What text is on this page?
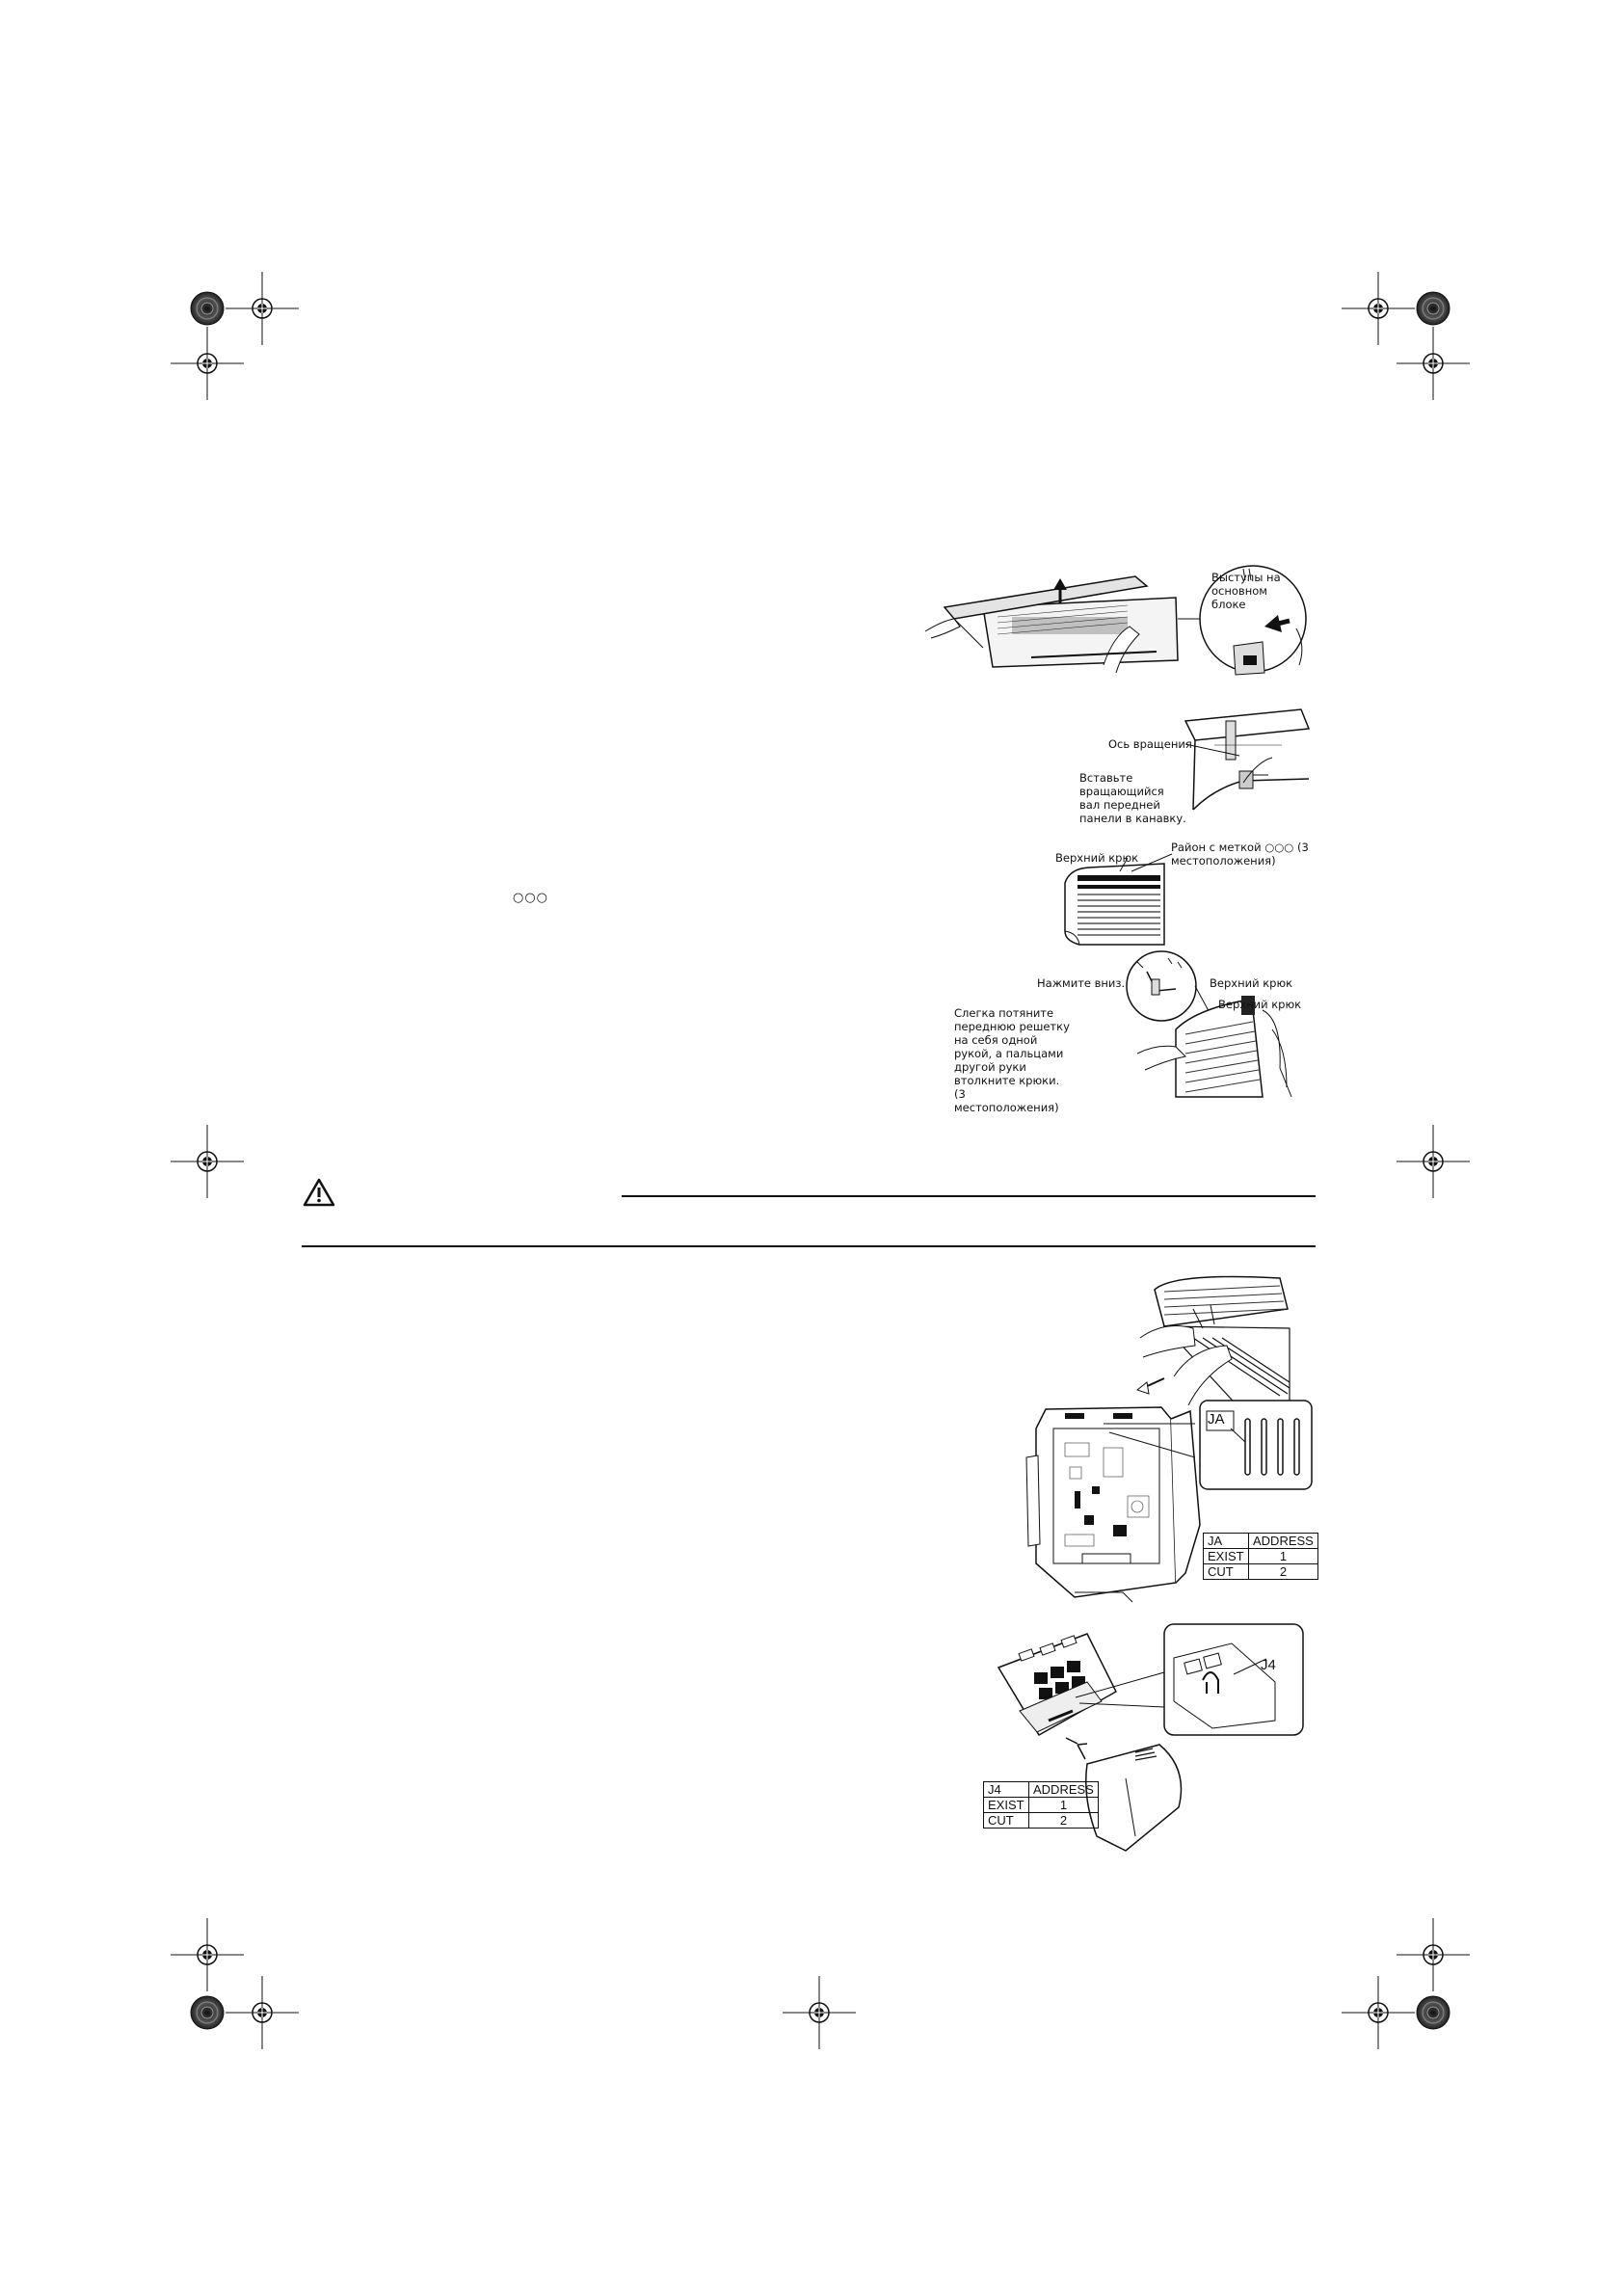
Выступы на основном блоке
Ось вращения
Вставьте вращающийся вал передней панели в канавку.
Верхний крюк
Район с меткой ○○○ (3 местоположения)
○○○
Нажмите вниз.	Верхний крюк
Верхний крюк
Слегка потяните переднюю решетку на себя одной рукой, а пальцами другой руки втолкните крюки. (3 местоположения)
JA
JA	ADDRESS
EXIST	1
CUT	2
J4
J4	ADDRESS
EXIST	1
CUT	2
